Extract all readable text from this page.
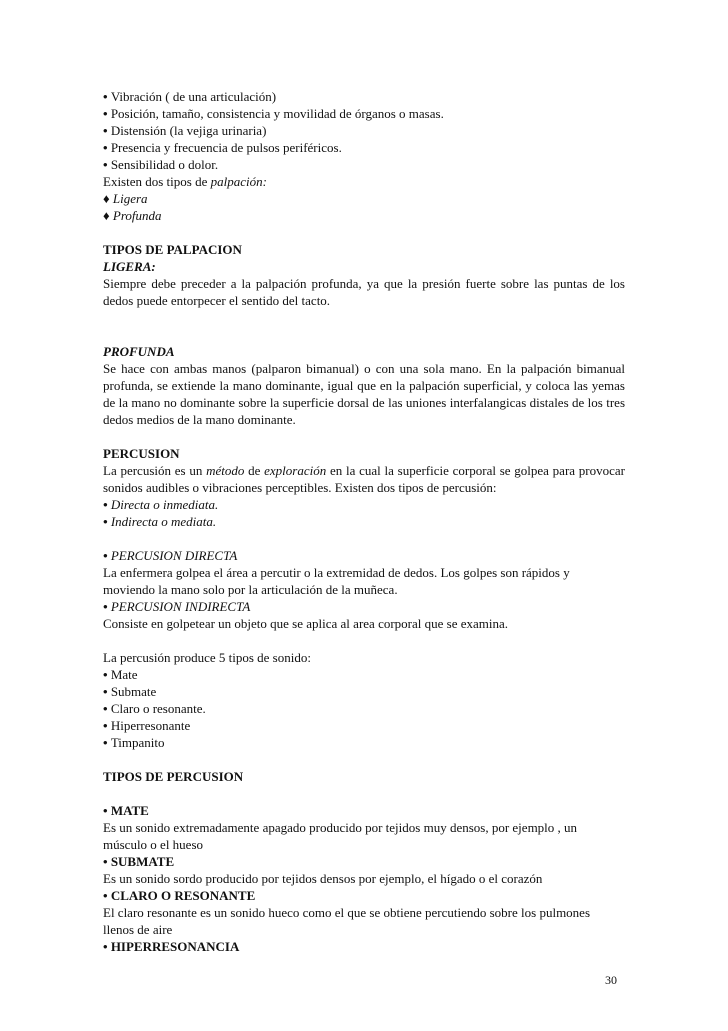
• Vibración ( de una articulación)
• Posición, tamaño, consistencia y movilidad de órganos o masas.
• Distensión (la vejiga urinaria)
• Presencia y frecuencia de pulsos periféricos.
• Sensibilidad o dolor.
Existen dos tipos de palpación:
♦ Ligera
♦ Profunda
TIPOS DE PALPACION
LIGERA:
Siempre debe preceder a la palpación profunda, ya que la presión fuerte sobre las puntas de los dedos puede entorpecer el sentido del tacto.
PROFUNDA
Se hace con ambas manos (palparon bimanual) o con una sola mano. En la palpación bimanual profunda, se extiende la mano dominante, igual que en la palpación superficial, y coloca las yemas de la mano no dominante sobre la superficie dorsal de las uniones interfalangicas distales de los tres dedos medios de la mano dominante.
PERCUSION
La percusión es un método de exploración en la cual la superficie corporal se golpea para provocar sonidos audibles o vibraciones perceptibles. Existen dos tipos de percusión:
• Directa o inmediata.
• Indirecta o mediata.
• PERCUSION DIRECTA
La enfermera golpea el área a percutir o la extremidad de dedos. Los golpes son rápidos y
moviendo la mano solo por la articulación de la muñeca.
• PERCUSION INDIRECTA
Consiste en golpetear un objeto que se aplica al area corporal que se examina.
La percusión produce 5 tipos de sonido:
• Mate
• Submate
• Claro o resonante.
• Hiperresonante
• Timpanito
TIPOS DE PERCUSION
• MATE
Es un sonido extremadamente apagado producido por tejidos muy densos, por ejemplo , un
músculo o el hueso
• SUBMATE
Es un sonido sordo producido por tejidos densos por ejemplo, el hígado o el corazón
• CLARO O RESONANTE
El claro resonante es un sonido hueco como el que se obtiene percutiendo sobre los pulmones
llenos de aire
• HIPERRESONANCIA
30
